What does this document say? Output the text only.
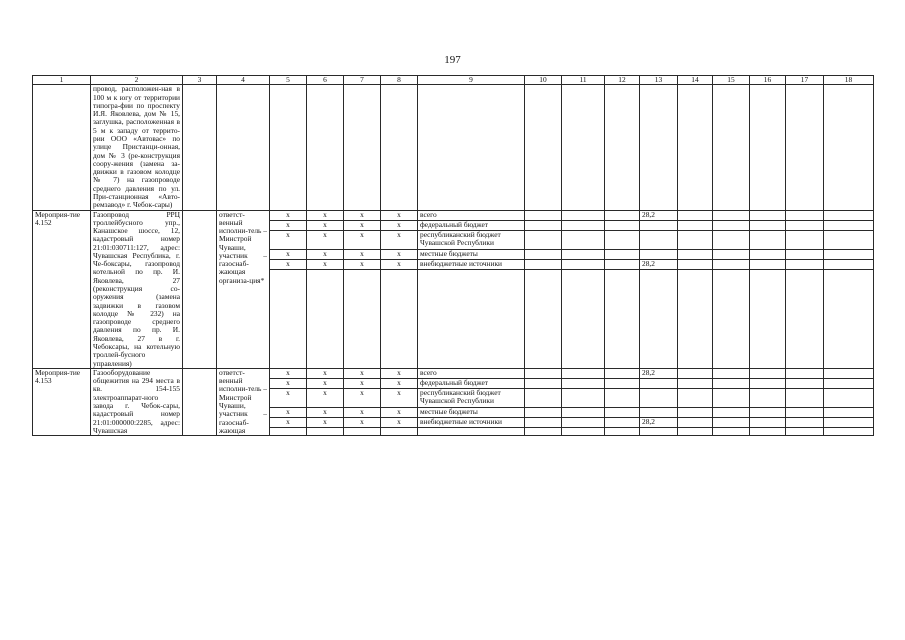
197
1	2	3	4	5	6	7	8	9	10	11	12	13	14	15	16	17	18
	провод, расположен-ная в 100 м к югу от территории типогра-фии по проспекту И.Я. Яковлева, дом № 15, заглушка, расположенная в 5 м к западу от террито-рии ООО «Автовас» по улице Пристанци-онная, дом № 3 (ре-конструкция соору-жения (замена за-движки в газовом колодце № 7) на газопроводе среднего давления по ул. При-станционная «Авто-ремзавод» г. Чебок-сары)																
Мероприя-тие 4.152	Газопровод РРЦ троллейбусного упр., Канашское шоссе, 12, кадастровый номер 21:01:030711:127, адрес: Чувашская Республика, г. Че-боксары, газопровод котельной по пр. И. Яковлева, 27 (реконструкция со-оружения (замена задвижки в газовом колодце № 232) на газопроводе среднего давления по пр. И. Яковлева, 27 в г. Чебоксары, на котельную троллей-бусного управления)		ответст-венный исполни-тель – Минстрой Чуваши, участник – газоснаб-жающая организа-ция*	х	х	х	х	всего				28,2					
				х	х	х	х	федеральный бюджет									
				х	х	х	х	республиканский бюджет Чувашской Республики									
				х	х	х	х	местные бюджеты									
				х	х	х	х	внебюджетные источники				28,2					

Мероприя-тие 4.153	Газооборудование общежития на 294 места в кв. 154-155 электроаппарат-ного завода г. Чебок-сары, кадастровый номер 21:01:000000:2285, адрес: Чувашская		ответст-венный исполни-тель – Минстрой Чуваши, участник – газоснаб-жающая	х	х	х	х	всего				28,2					
				х	х	х	х	федеральный бюджет									
				х	х	х	х	республиканский бюджет Чувашской Республики									
				х	х	х	х	местные бюджеты									
				х	х	х	х	внебюджетные источники				28,2					
